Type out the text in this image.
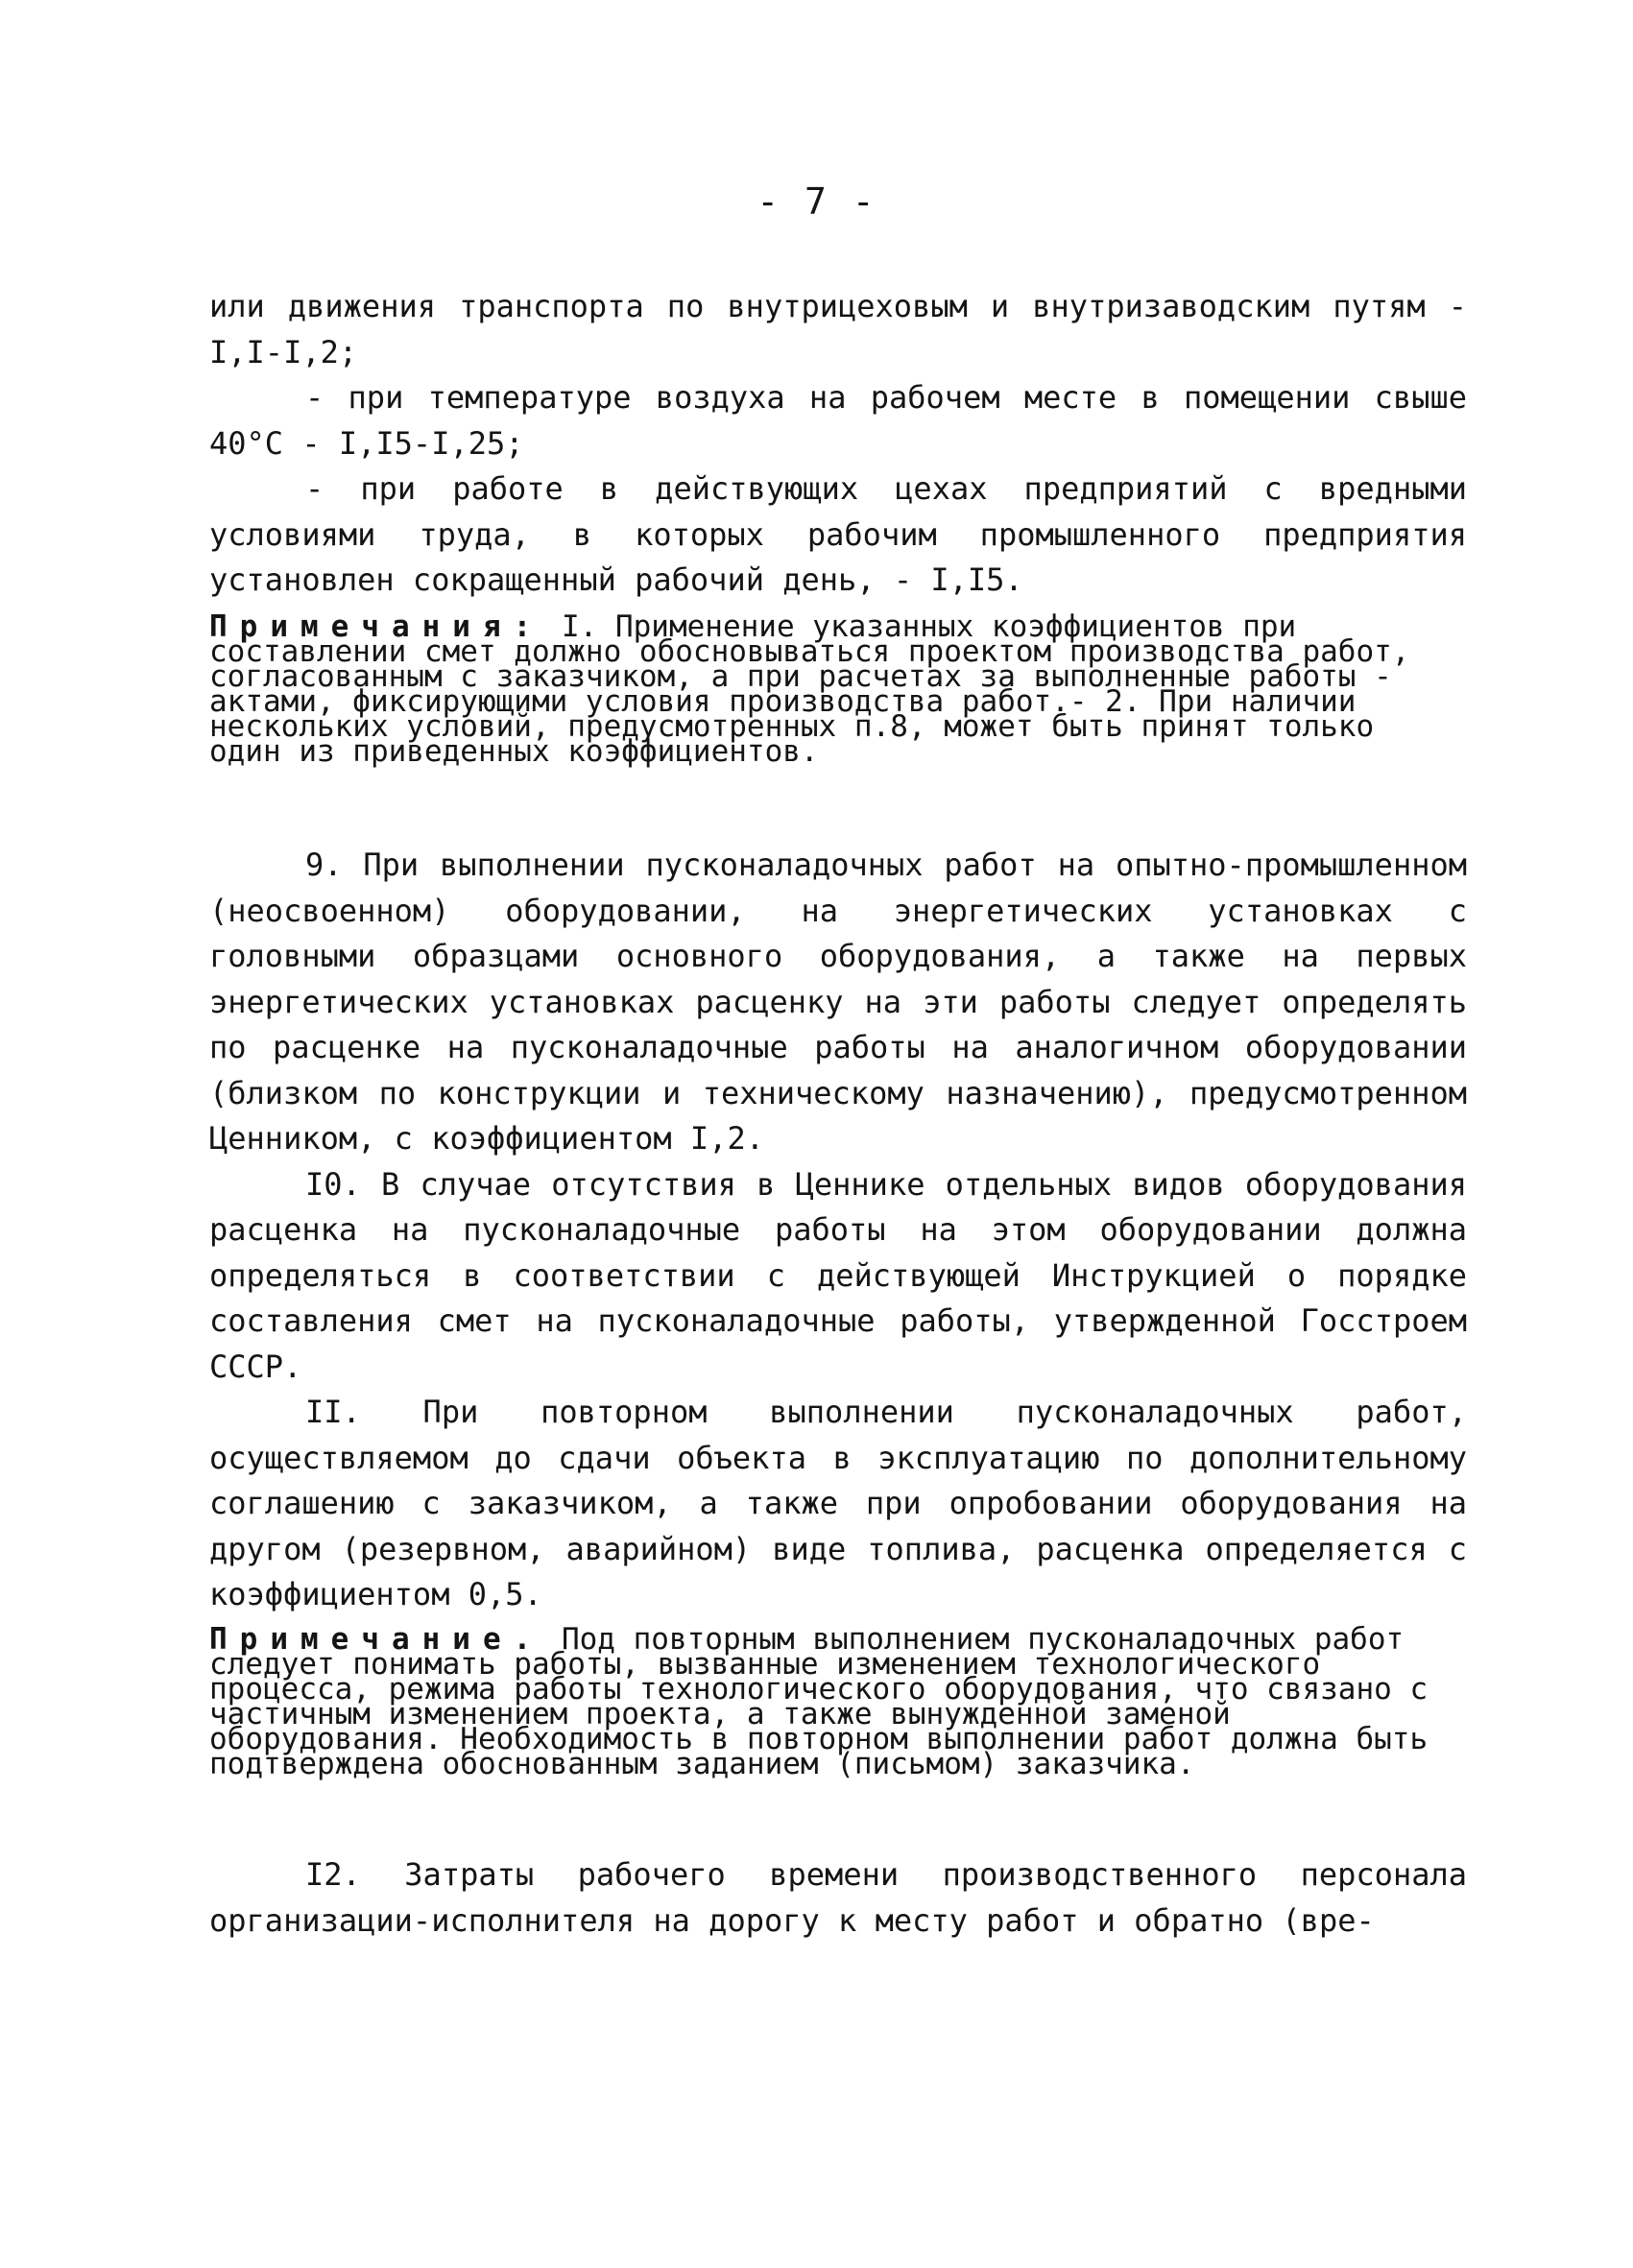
- 7 -

или движения транспорта по внутрицеховым и внутризаводским путям - I,I-I,2;

- при температуре воздуха на рабочем месте в помещении свыше 40°С - I,I5-I,25;

- при работе в действующих цехах предприятий с вредными условиями труда, в которых рабочим промышленного предприятия установлен сокращенный рабочий день, - I,I5.

Примечания: I. Применение указанных коэффициентов при составлении смет должно обосновываться проектом производства работ, согласованным с заказчиком, а при расчетах за выполненные работы - актами, фиксирующими условия производства работ.- 2. При наличии нескольких условий, предусмотренных п.8, может быть принят только один из приведенных коэффициентов.

9. При выполнении пусконаладочных работ на опытно-промышленном (неосвоенном) оборудовании, на энергетических установках с головными образцами основного оборудования, а также на первых энергетических установках расценку на эти работы следует определять по расценке на пусконаладочные работы на аналогичном оборудовании (близком по конструкции и техническому назначению), предусмотренном Ценником, с коэффициентом I,2.

I0. В случае отсутствия в Ценнике отдельных видов оборудования расценка на пусконаладочные работы на этом оборудовании должна определяться в соответствии с действующей Инструкцией о порядке составления смет на пусконаладочные работы, утвержденной Госстроем СССР.

II. При повторном выполнении пусконаладочных работ, осуществляемом до сдачи объекта в эксплуатацию по дополнительному соглашению с заказчиком, а также при опробовании оборудования на другом (резервном, аварийном) виде топлива, расценка определяется с коэффициентом 0,5.

Примечание. Под повторным выполнением пусконаладочных работ следует понимать работы, вызванные изменением технологического процесса, режима работы технологического оборудования, что связано с частичным изменением проекта, а также вынужденной заменой оборудования. Необходимость в повторном выполнении работ должна быть подтверждена обоснованным заданием (письмом) заказчика.

I2. Затраты рабочего времени производственного персонала организации-исполнителя на дорогу к месту работ и обратно (вре-
